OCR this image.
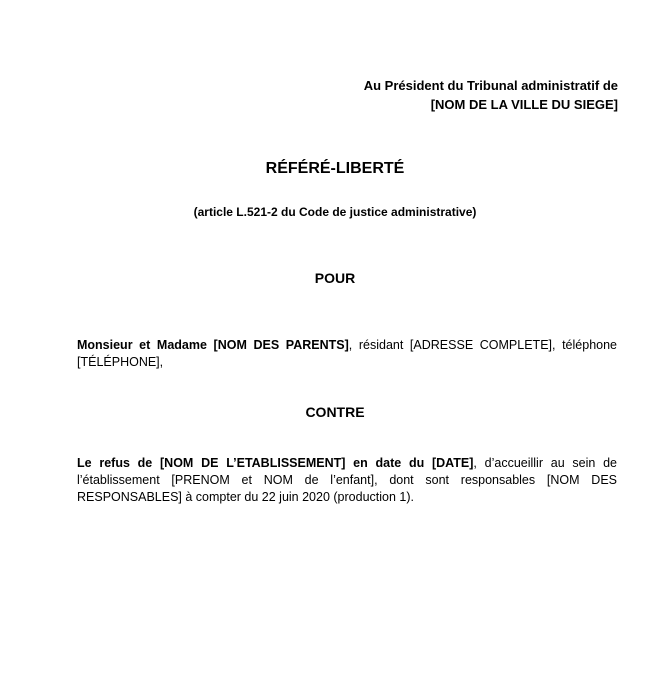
Au Président du Tribunal administratif de
[NOM DE LA VILLE DU SIEGE]
RÉFÉRÉ-LIBERTÉ
(article L.521-2 du Code de justice administrative)
POUR
Monsieur et Madame [NOM DES PARENTS], résidant [ADRESSE COMPLETE], téléphone [TÉLÉPHONE],
CONTRE
Le refus de [NOM DE L’ETABLISSEMENT] en date du [DATE], d’accueillir au sein de l’établissement [PRENOM et NOM de l’enfant], dont sont responsables [NOM DES RESPONSABLES] à compter du 22 juin 2020 (production 1).
